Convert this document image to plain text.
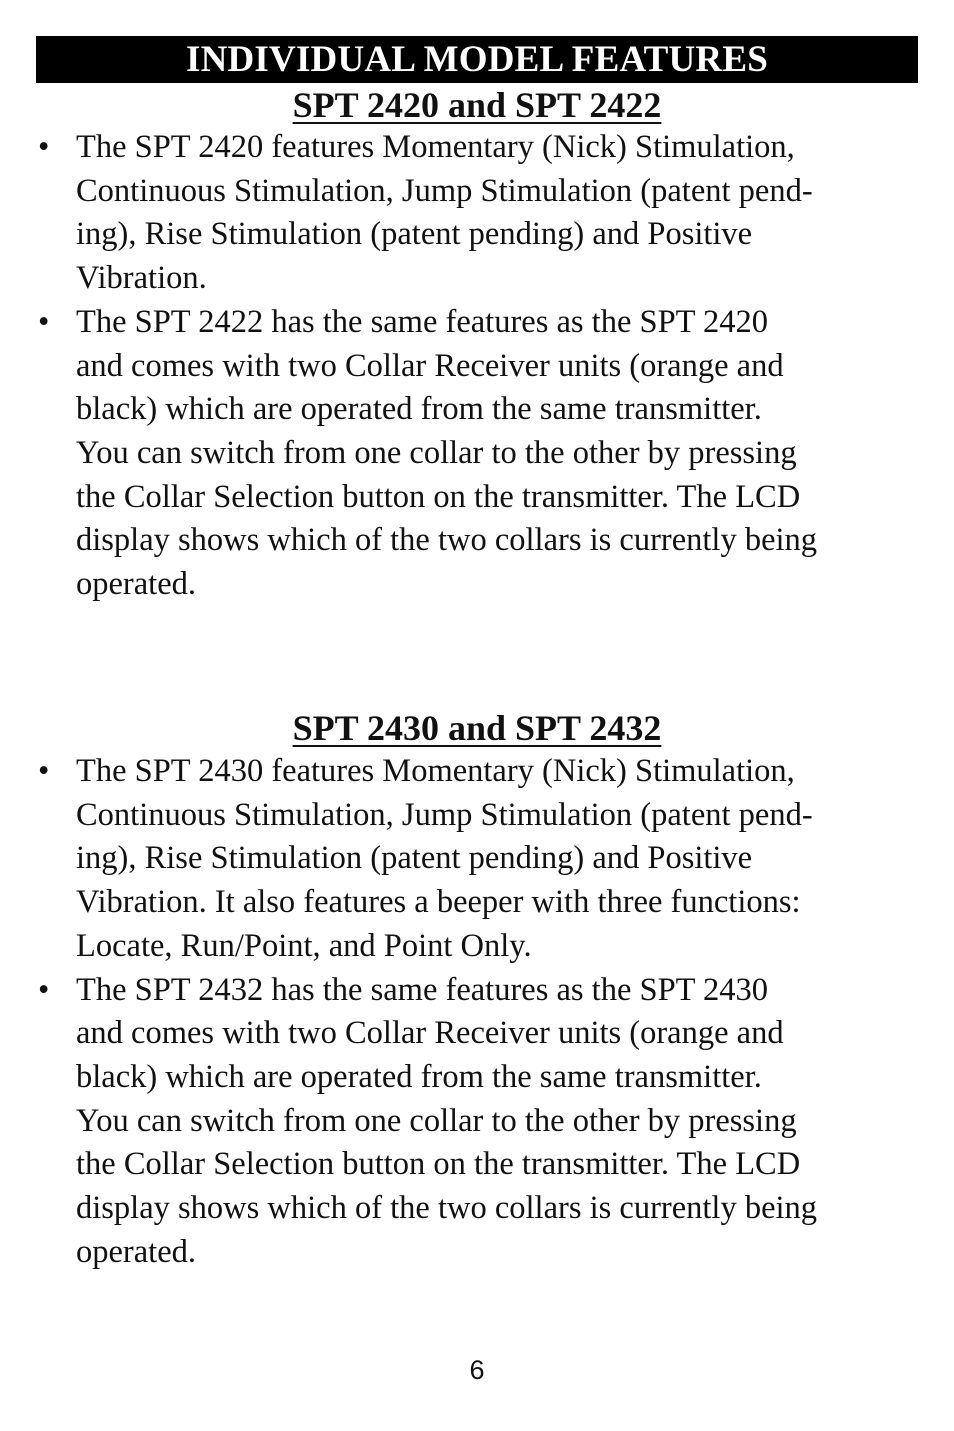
INDIVIDUAL MODEL FEATURES
SPT 2420 and SPT 2422
• The SPT 2420 features Momentary (Nick) Stimulation,
Continuous Stimulation, Jump Stimulation (patent pend-
ing), Rise Stimulation (patent pending) and Positive
Vibration.
• The SPT 2422 has the same features as the SPT 2420
and comes with two Collar Receiver units (orange and
black) which are operated from the same transmitter.
You can switch from one collar to the other by pressing
the Collar Selection button on the transmitter. The LCD
display shows which of the two collars is currently being
operated.
SPT 2430 and SPT 2432
• The SPT 2430 features Momentary (Nick) Stimulation,
Continuous Stimulation, Jump Stimulation (patent pend-
ing), Rise Stimulation (patent pending) and Positive
Vibration. It also features a beeper with three functions:
Locate, Run/Point, and Point Only.
• The SPT 2432 has the same features as the SPT 2430
and comes with two Collar Receiver units (orange and
black) which are operated from the same transmitter.
You can switch from one collar to the other by pressing
the Collar Selection button on the transmitter. The LCD
display shows which of the two collars is currently being
operated.
6
